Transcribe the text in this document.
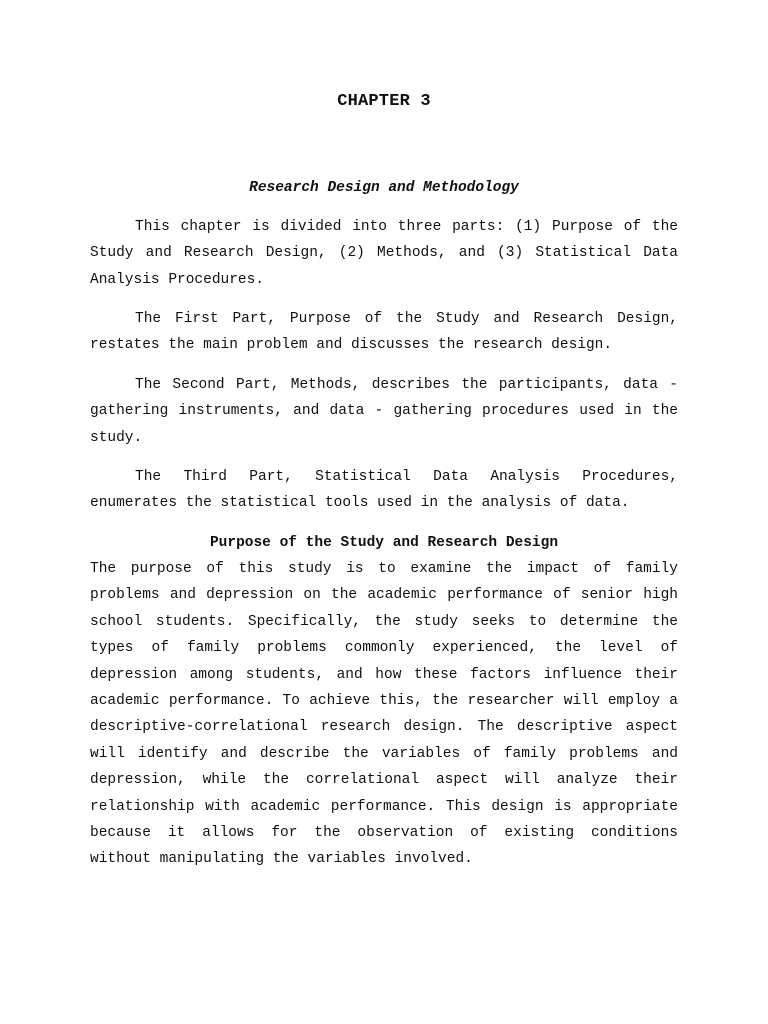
CHAPTER 3
Research Design and Methodology

This chapter is divided into three parts: (1) Purpose of the Study and Research Design, (2) Methods, and (3) Statistical Data Analysis Procedures.

The First Part, Purpose of the Study and Research Design, restates the main problem and discusses the research design.

The Second Part, Methods, describes the participants, data - gathering instruments, and data - gathering procedures used in the study.

The Third Part, Statistical Data Analysis Procedures, enumerates the statistical tools used in the analysis of data.

Purpose of the Study and Research Design

The purpose of this study is to examine the impact of family problems and depression on the academic performance of senior high school students. Specifically, the study seeks to determine the types of family problems commonly experienced, the level of depression among students, and how these factors influence their academic performance. To achieve this, the researcher will employ a descriptive-correlational research design. The descriptive aspect will identify and describe the variables of family problems and depression, while the correlational aspect will analyze their relationship with academic performance. This design is appropriate because it allows for the observation of existing conditions without manipulating the variables involved.
